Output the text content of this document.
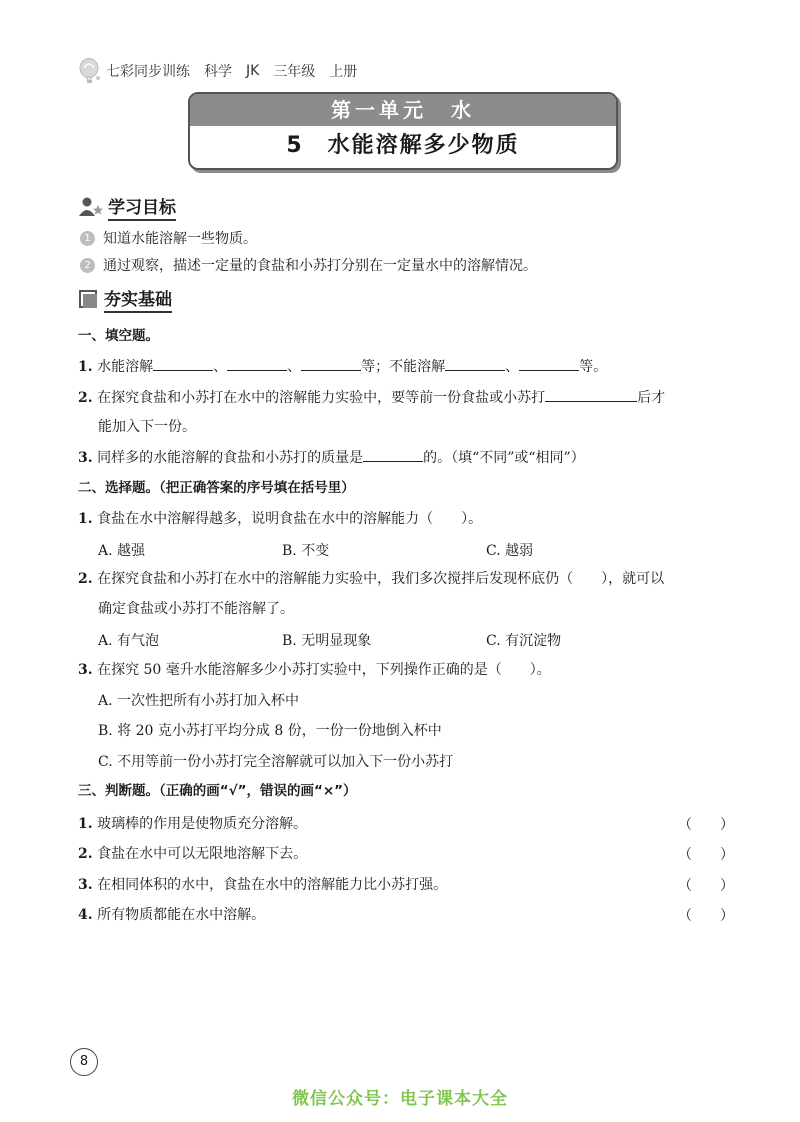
七彩同步训练 科学 JK 三年级 上册
第一单元　水
5　水能溶解多少物质
学习目标
1 知道水能溶解一些物质。
2 通过观察，描述一定量的食盐和小苏打分别在一定量水中的溶解情况。
夯实基础
一、填空题。
1. 水能溶解	、	、	等；不能溶解	、	等。
2. 在探究食盐和小苏打在水中的溶解能力实验中，要等前一份食盐或小苏打	后才
能加入下一份。
3. 同样多的水能溶解的食盐和小苏打的质量是	的。（填“不同”或“相同”）
二、选择题。（把正确答案的序号填在括号里）
1. 食盐在水中溶解得越多，说明食盐在水中的溶解能力（　　）。
A. 越强	B. 不变	C. 越弱
2. 在探究食盐和小苏打在水中的溶解能力实验中，我们多次搅拌后发现杯底仍（　　），就可以
确定食盐或小苏打不能溶解了。
A. 有气泡	B. 无明显现象	C. 有沉淀物
3. 在探究 50 毫升水能溶解多少小苏打实验中，下列操作正确的是（　　）。
A. 一次性把所有小苏打加入杯中
B. 将 20 克小苏打平均分成 8 份，一份一份地倒入杯中
C. 不用等前一份小苏打完全溶解就可以加入下一份小苏打
三、判断题。（正确的画“√”，错误的画“×”）
1. 玻璃棒的作用是使物质充分溶解。	（　　）
2. 食盐在水中可以无限地溶解下去。	（　　）
3. 在相同体积的水中，食盐在水中的溶解能力比小苏打强。	（　　）
4. 所有物质都能在水中溶解。	（　　）
8
微信公众号：电子课本大全
